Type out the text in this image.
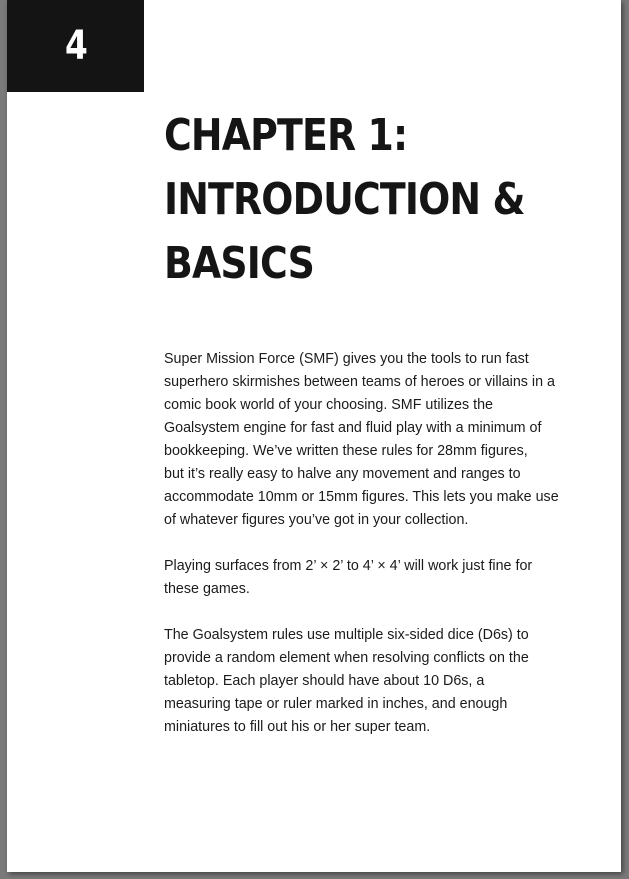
4
CHAPTER 1:
INTRODUCTION &
BASICS

Super Mission Force (SMF) gives you the tools to run fast
superhero skirmishes between teams of heroes or villains in a
comic book world of your choosing. SMF utilizes the
Goalsystem engine for fast and fluid play with a minimum of
bookkeeping. We’ve written these rules for 28mm figures,
but it’s really easy to halve any movement and ranges to
accommodate 10mm or 15mm figures. This lets you make use
of whatever figures you’ve got in your collection.

Playing surfaces from 2’ × 2’ to 4’ × 4’ will work just fine for
these games.

The Goalsystem rules use multiple six-sided dice (D6s) to
provide a random element when resolving conflicts on the
tabletop. Each player should have about 10 D6s, a
measuring tape or ruler marked in inches, and enough
miniatures to fill out his or her super team.
